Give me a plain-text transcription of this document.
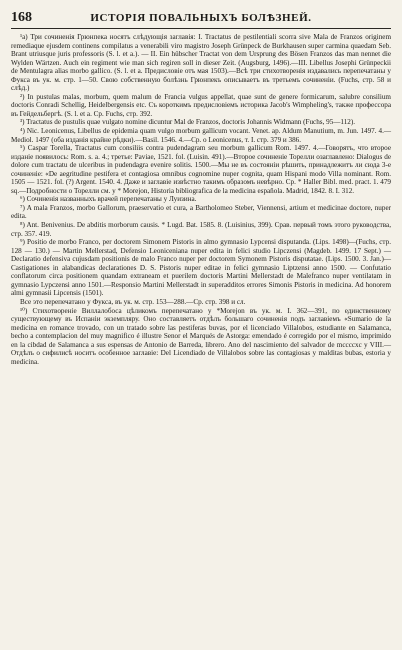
168	ИСТОРІЯ ПОВАЛЬНЫХЪ БОЛѢЗНЕЙ.

¹a) Три сочиненія Грюнпека носятъ слѣдующія заглавія: I. Tractatus de pestilentiali scorra sive Mala de Franzos originem remediaque ejusdem continens compilatus a venerabili viro magistro Joseph Grünpeck de Burkhausen super carmina quaedam Seb. Brant utriusque juris professoris (S. l. et a.). — II. Ein hübscher Tractat von dem Ursprung des Bösen Franzos das man nennet die Wylden Wärtzen. Auch ein regiment wie man sich regiren soll in dieser Zeit. (Augsburg, 1496).—III. Libellus Josephi Grünpeckii de Mentulagra alias morbo gallico. (S. l. et a. Предисловіе отъ мая 1503).—Всѣ три стихотворенія издавались перепечатаны у Фукса въ ук. м. стр. 1—50. Свою собственную болѣзнь Грюнпекъ описываетъ въ третьемъ сочиненіи. (Fuchs, стр. 58 и слѣд.)

²) In pustulas malas, morbum, quem malum de Francia vulgus appellat, quae sunt de genere formicarum, salubre consilium doctoris Conradi Schellig, Heidelbergensis etc. Съ короткимъ предисловіемъ историка Jacob's Wimpheling's, также профессора въ Гейдельбергѣ. (S. l. et a. Cp. Fuchs, стр. 392.

³) Tractatus de pustulis quae vulgato nomine dicuntur Mal de Franzos, doctoris Johannis Widmann (Fuchs, 95—112).

⁴) Nic. Leonicenus, Libellus de epidemia quam vulgo morbum gallicum vocant. Venet. ap. Aldum Manutium, m. Jun. 1497. 4.—Mediol. 1497 (оба изданія крайне рѣдки).—Basil. 1546. 4.—Ср. о Leonicenus, т. I. стр. 379 и 386.

⁵) Caspar Torella, Tractatus cum consiliis contra pudendagram seu morbum gallicum Rom. 1497. 4.—Говорятъ, что второе изданіе появилось: Rom. s. a. 4.; третье: Paviae, 1521. fol. (Luisin. 491).—Второе сочиненіе Торелли озаглавлено: Dialogus de dolore cum tractatu de ulceribus in pudendagra evenire solitis. 1500.—Мы не въ состояніи рѣшить, принадлежитъ ли сюда 3-е сочиненіе: «De aegritudine pestifera et contagiosa omnibus cognomine nuper cognita, quam Hispani modo Villa nominant. Rom. 1505 — 1521. fol. (?) Argent. 1540. 4. Даже и заглавіе извѣстно такимъ образомъ невѣрно. Ср. * Haller Bibl. med. pract. 1. 479 sq.—Подробности о Торелли см. у * Morejon, Historia bibliografica de la medicina española. Madrid, 1842. 8. I. 312.

⁶) Сочиненія названныхъ врачей перепечатаны у Луизина.

⁷) A mala Franzos, morbo Gallorum, praeservatio et cura, a Bartholomeo Steber, Viennensi, artium et medicinae doctore, nuper edita.

⁸) Ant. Benivenius. De abditis morborum causis. * Lugd. Bat. 1585. 8. (Luisinius, 399). Срав. первый томъ этого руководства, стр. 357. 419.

⁹) Positio de morbo Franco, per doctorem Simonem Pistoris in almo gymnasio Lypcensi disputanda. (Lips. 1498)—(Fuchs, стр. 128 — 130.) — Martin Mellerstad, Defensio Leoniceniana nuper edita in felici studio Lipczensi (Magdeb. 1499. 17 Sept.) — Declaratio defensiva cujusdam positionis de malo Franco nuper per doctorem Symonem Pistoris disputatae. (Lips. 1500. 3. Jan.)—Castigationes in alabandicas declarationes D. S. Pistoris nuper editae in felici gymnasio Liptzensi anno 1500. — Confutatio conflatorum circa positionem quandam extraneam et puerilem doctoris Martini Mellerstadt de Malefranco nuper ventilatam in gymnasio Lypczensi anno 1501.—Responsio Martini Mellerstadt in superadditos errores Simonis Pistoris in medicina. Ad honorem almi gymnasii Lipcensis (1501).

Все это перепечатано у Фукса, въ ук. м. стр. 153—288.—Ср. стр. 398 и сл.

¹⁰) Стихотвореніе Виллалобоса цѣликомъ перепечатано у *Morejon въ ук. м. I. 362—391, по единственному существующему въ Испаніи экземпляру. Оно составляетъ отдѣлъ большаго сочиненія подъ заглавіемъ «Sumario de la medicina en romance trovado, con un tratado sobre las pestiferas buvas, por el licenciado Villalobos, estudiante en Salamanca, becho a contemplacion del muy magnifico é illustre Senor el Marqués de Astorga: emendado é corregido por el mismo, imprimido en la cibdad de Salamanca a sus espensas de Antonio de Barreda, librero. Ano del nascimiento del salvador de mccccxc y VIII.—Отдѣлъ о сифилисѣ носитъ особенное заглавіе: Del Licendiado de Villalobos sobre las contagiosas y malditas bubas, estoria y medicina.
